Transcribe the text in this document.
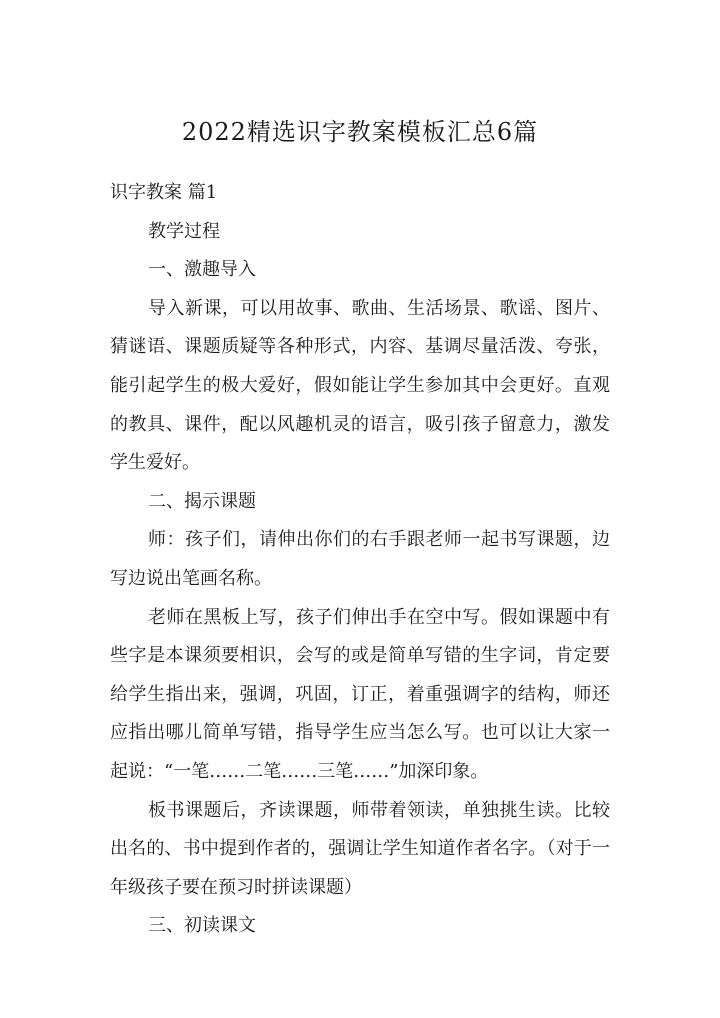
2022精选识字教案模板汇总6篇

识字教案 篇1

教学过程

一、激趣导入

导入新课，可以用故事、歌曲、生活场景、歌谣、图片、猜谜语、课题质疑等各种形式，内容、基调尽量活泼、夸张，能引起学生的极大爱好，假如能让学生参加其中会更好。直观的教具、课件，配以风趣机灵的语言，吸引孩子留意力，激发学生爱好。

二、揭示课题

师：孩子们，请伸出你们的右手跟老师一起书写课题，边写边说出笔画名称。

老师在黑板上写，孩子们伸出手在空中写。假如课题中有些字是本课须要相识，会写的或是简单写错的生字词，肯定要给学生指出来，强调，巩固，订正，着重强调字的结构，师还应指出哪儿简单写错，指导学生应当怎么写。也可以让大家一起说：“一笔……二笔……三笔……”加深印象。

板书课题后，齐读课题，师带着领读，单独挑生读。比较出名的、书中提到作者的，强调让学生知道作者名字。（对于一年级孩子要在预习时拼读课题）

三、初读课文
